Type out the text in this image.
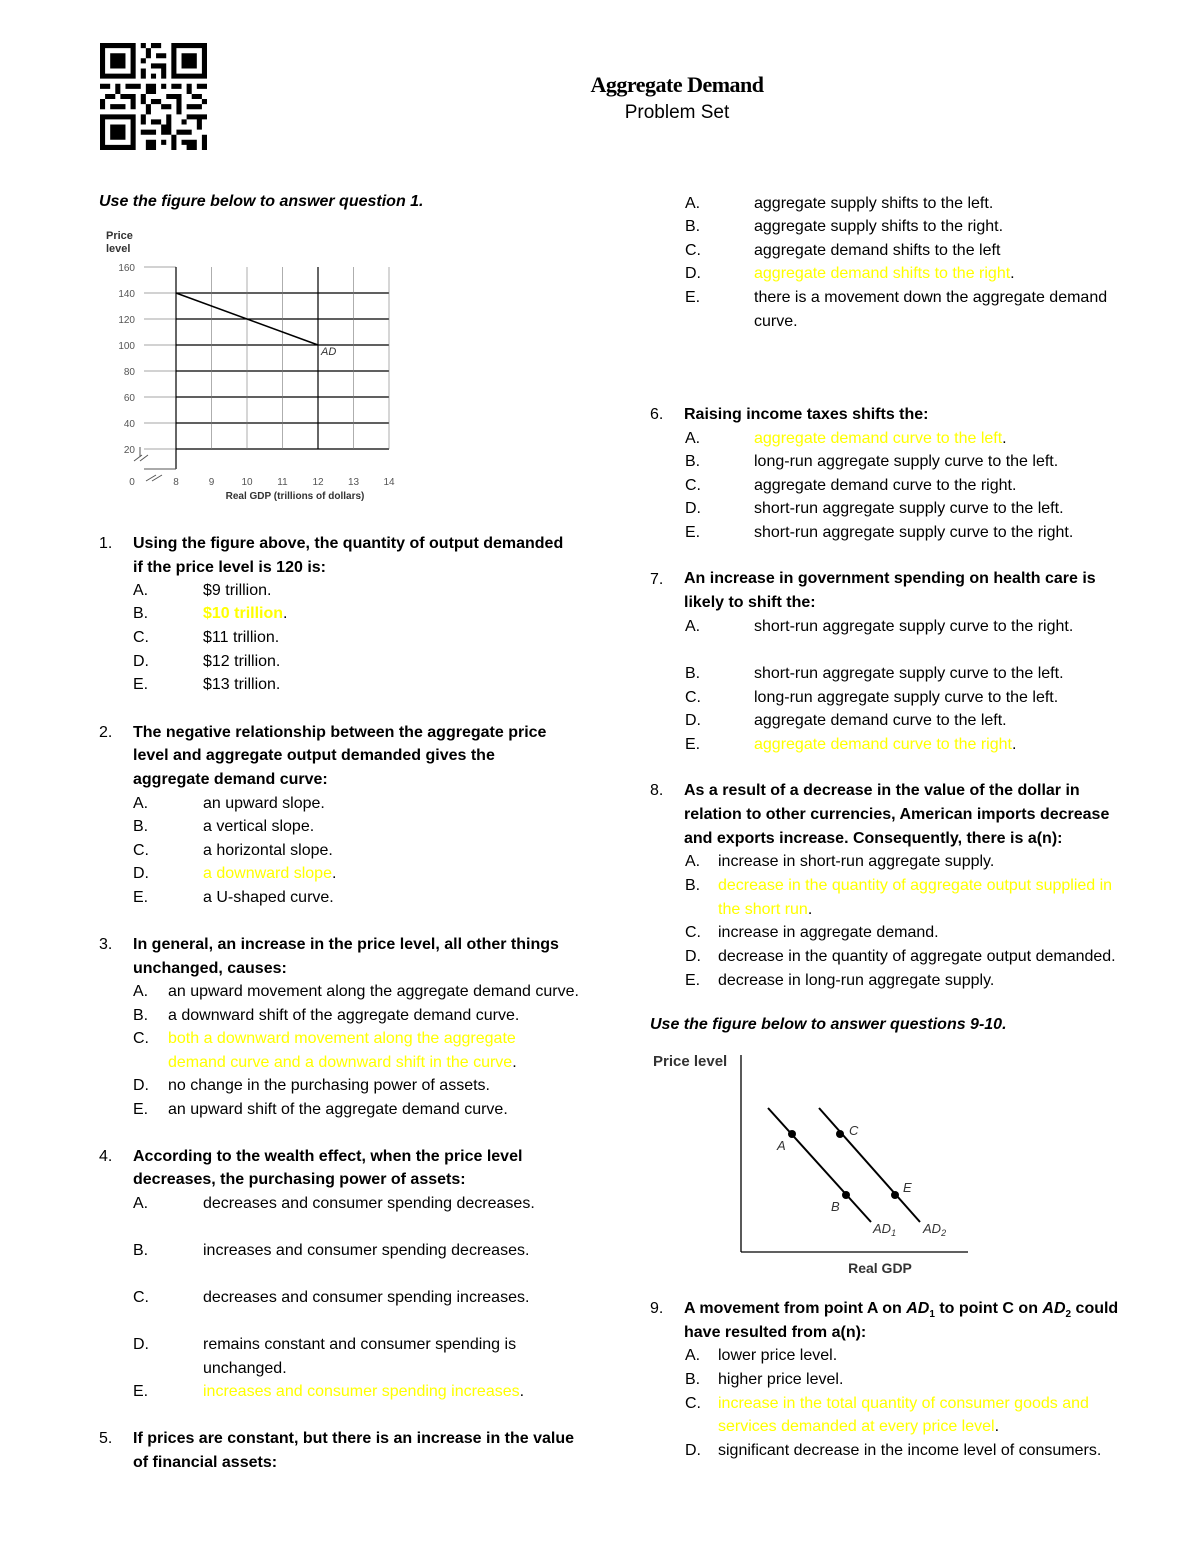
Aggregate Demand
Problem Set
Use the figure below to answer question 1.
Price
level
160
140
120
100
80
60
40
20
8	9	10 11 12 13 14
0
Real GDP (trillions of dollars)
AD
1. Using the figure above, the quantity of output demanded
if the price level is 120 is:
A.	$9 trillion.
B.	$10 trillion.
C.	$11 trillion.
D.	$12 trillion.
E.	$13 trillion.
2. The negative relationship between the aggregate price
level and aggregate output demanded gives the
aggregate demand curve:
A.	an upward slope.
B.	a vertical slope.
C.	a horizontal slope.
D.	a downward slope.
E.	a U-shaped curve.
3. In general, an increase in the price level, all other things
unchanged, causes:
A. an upward movement along the aggregate demand curve.
B. a downward shift of the aggregate demand curve.
C. both a downward movement along the aggregate
demand curve and a downward shift in the curve.
D. no change in the purchasing power of assets.
E. an upward shift of the aggregate demand curve.
4. According to the wealth effect, when the price level
decreases, the purchasing power of assets:
A.	decreases and consumer spending decreases.
B.	increases and consumer spending decreases.
C.	decreases and consumer spending increases.
D.	remains constant and consumer spending is
unchanged.
E.	increases and consumer spending increases.
5. If prices are constant, but there is an increase in the value
of financial assets:
A.	aggregate supply shifts to the left.
B.	aggregate supply shifts to the right.
C.	aggregate demand shifts to the left
D.	aggregate demand shifts to the right.
E.	there is a movement down the aggregate demand
curve.
6. Raising income taxes shifts the:
A.	aggregate demand curve to the left.
B.	long-run aggregate supply curve to the left.
C.	aggregate demand curve to the right.
D.	short-run aggregate supply curve to the left.
E.	short-run aggregate supply curve to the right.
7. An increase in government spending on health care is
likely to shift the:
A.	short-run aggregate supply curve to the right.
B.	short-run aggregate supply curve to the left.
C.	long-run aggregate supply curve to the left.
D.	aggregate demand curve to the left.
E.	aggregate demand curve to the right.
8. As a result of a decrease in the value of the dollar in
relation to other currencies, American imports decrease
and exports increase. Consequently, there is a(n):
A. increase in short-run aggregate supply.
B. decrease in the quantity of aggregate output supplied in
the short run.
C. increase in aggregate demand.
D. decrease in the quantity of aggregate output demanded.
E. decrease in long-run aggregate supply.
Use the figure below to answer questions 9-10.
Price level
Real GDP
A
B
C
E
$AD_1$ $AD_2$
9. A movement from point A on $AD_1$ to point C on $AD_2$ could
have resulted from a(n):
A. lower price level.
B. higher price level.
C. increase in the total quantity of consumer goods and
services demanded at every price level.
D. significant decrease in the income level of consumers.
